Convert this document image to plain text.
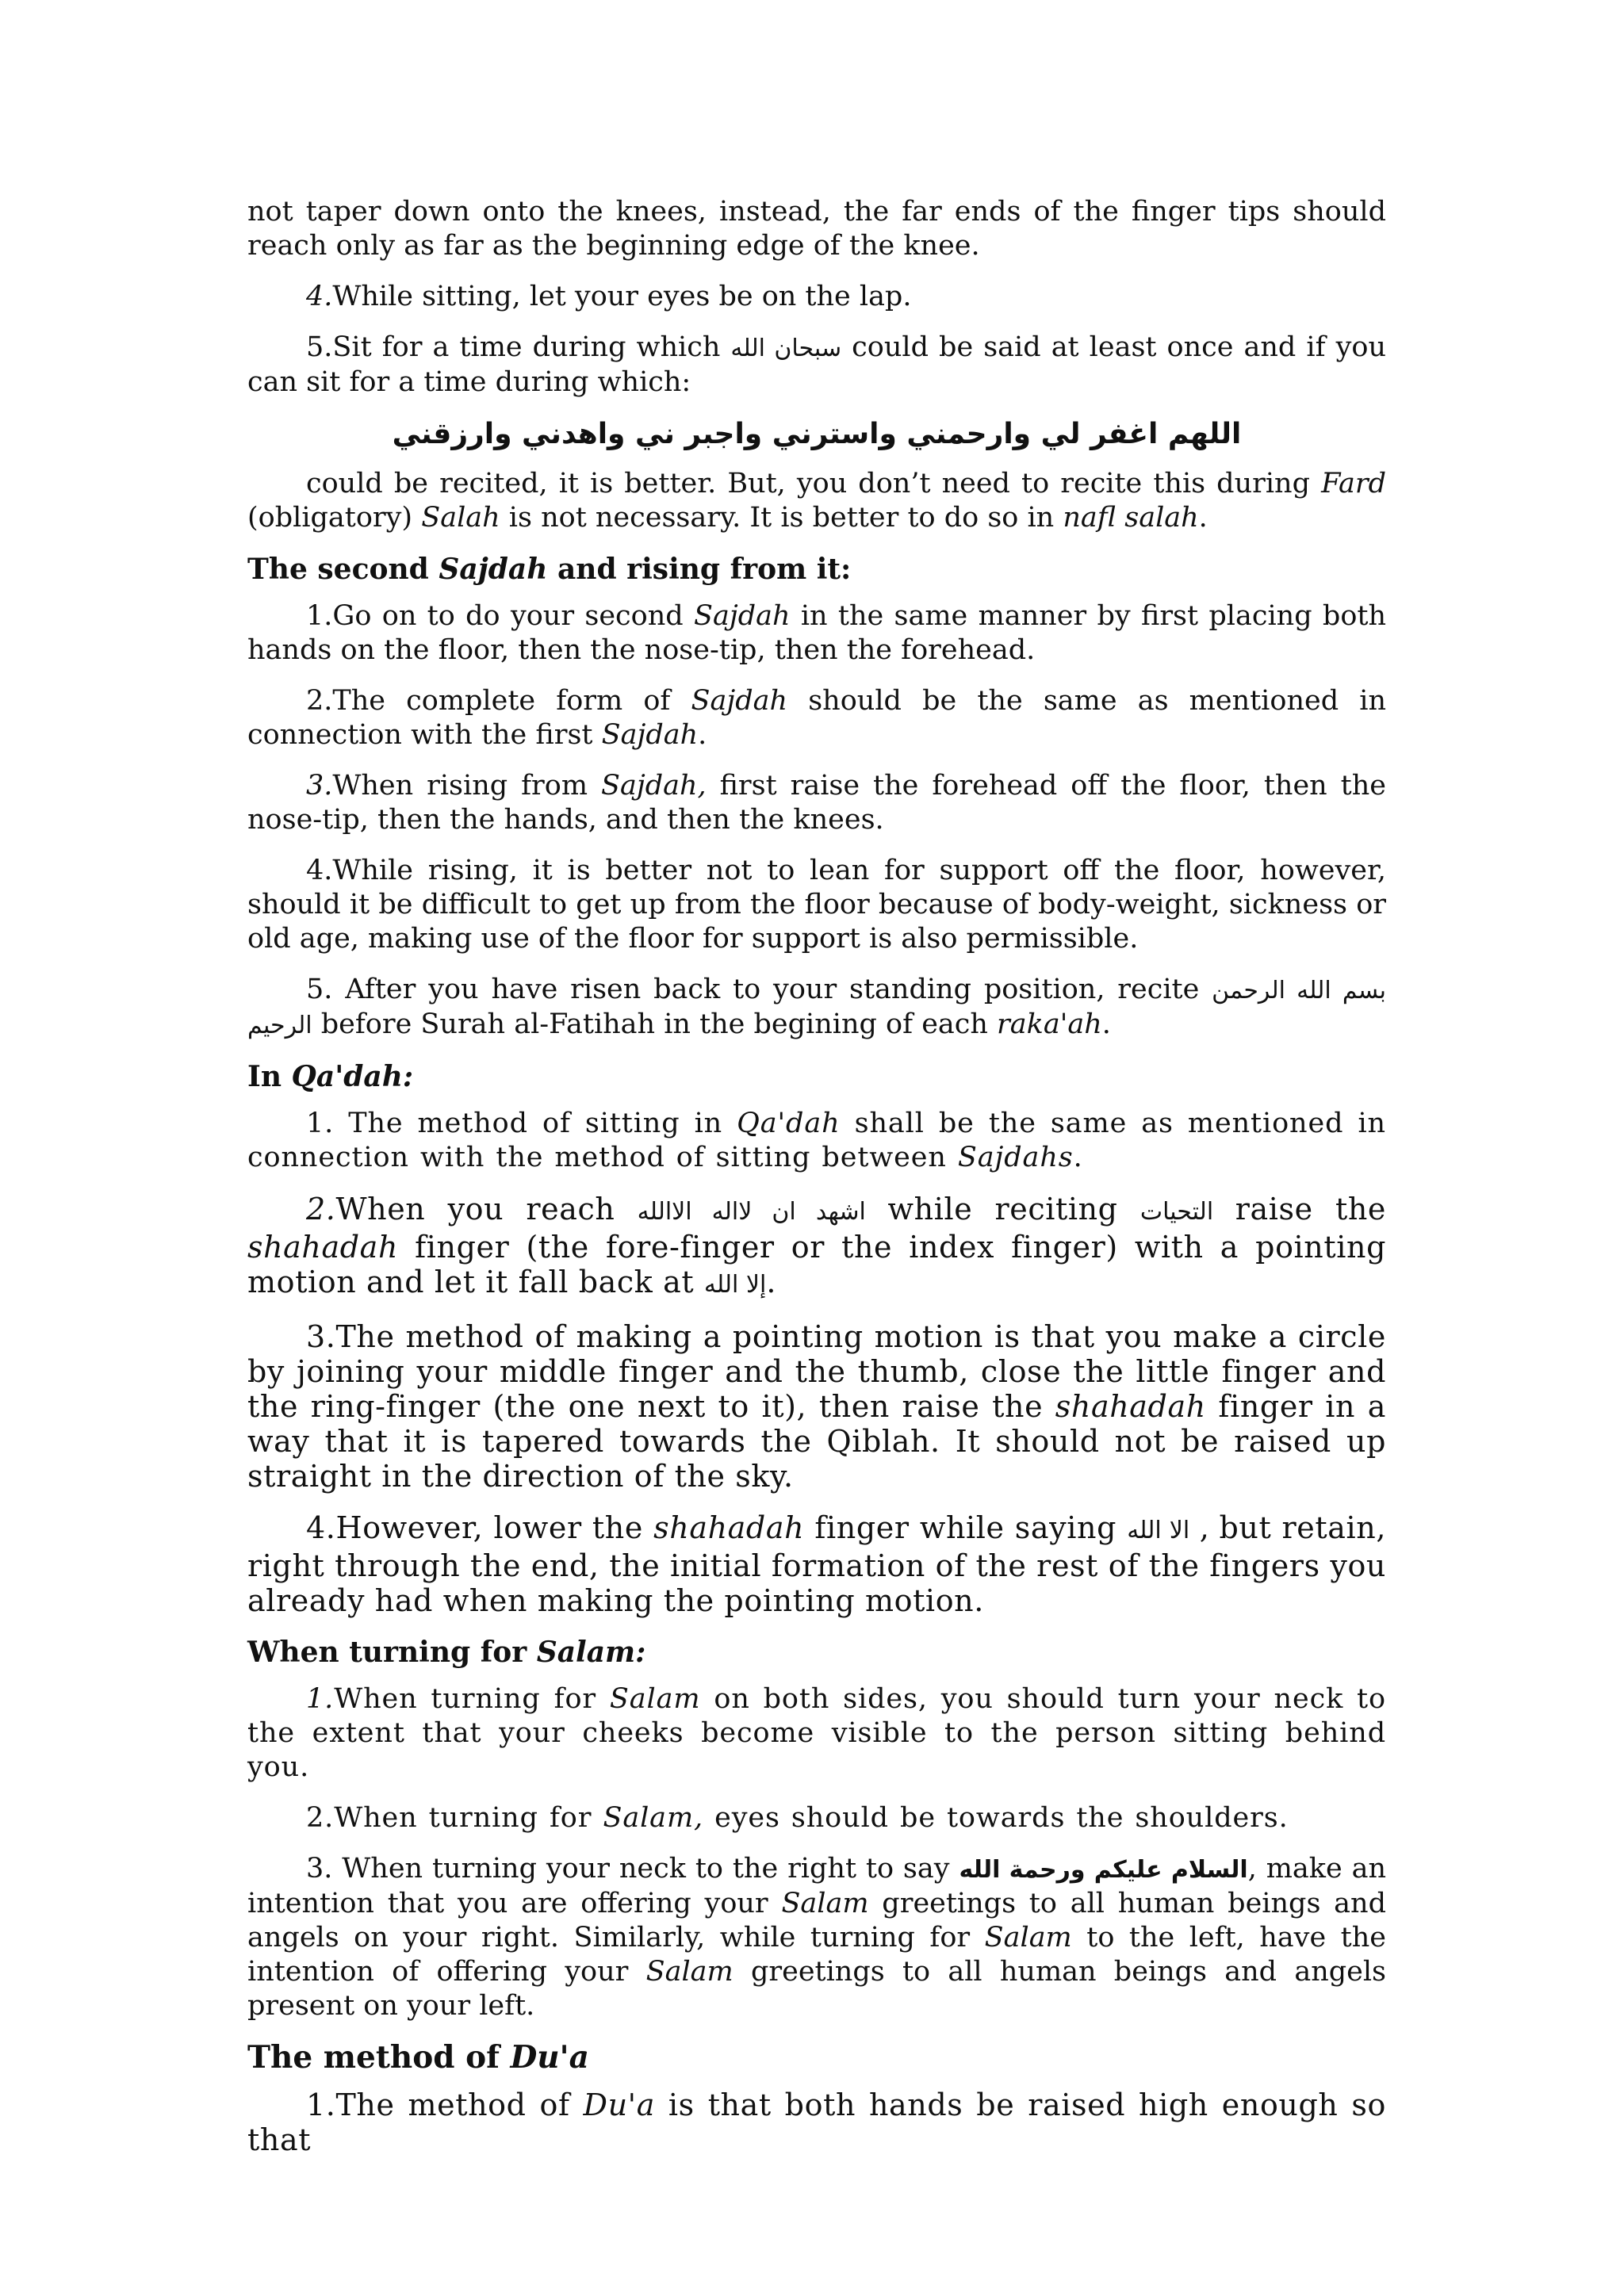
not taper down onto the knees, instead, the far ends of the finger tips should reach only as far as the beginning edge of the knee.

4.While sitting, let your eyes be on the lap.

5.Sit for a time during which سبحان الله could be said at least once and if you can sit for a time during which:

اللهم اغفر لي وارحمني واسترني واجبر ني واهدني وارزقني

could be recited, it is better. But, you don’t need to recite this during Fard (obligatory) Salah is not necessary. It is better to do so in nafl salah.

The second Sajdah and rising from it:

1.Go on to do your second Sajdah in the same manner by first placing both hands on the floor, then the nose-tip, then the forehead.

2.The complete form of Sajdah should be the same as mentioned in connection with the first Sajdah.

3.When rising from Sajdah, first raise the forehead off the floor, then the nose-tip, then the hands, and then the knees.

4.While rising, it is better not to lean for support off the floor, however, should it be difficult to get up from the floor because of body-weight, sickness or old age, making use of the floor for support is also permissible.

5. After you have risen back to your standing position, recite بسم الله الرحمن الرحيم before Surah al-Fatihah in the begining of each raka'ah.

In Qa'dah:

1. The method of sitting in Qa'dah shall be the same as mentioned in connection with the method of sitting between Sajdahs.

2.When you reach اشهد ان لااله الاالله while reciting التحيات raise the shahadah finger (the fore-finger or the index finger) with a pointing motion and let it fall back at إلا الله.

3.The method of making a pointing motion is that you make a circle by joining your middle finger and the thumb, close the little finger and the ring-finger (the one next to it), then raise the shahadah finger in a way that it is tapered towards the Qiblah. It should not be raised up straight in the direction of the sky.

4.However, lower the shahadah finger while saying الا الله , but retain, right through the end, the initial formation of the rest of the fingers you already had when making the pointing motion.

When turning for Salam:

1.When turning for Salam on both sides, you should turn your neck to the extent that your cheeks become visible to the person sitting behind you.

2.When turning for Salam, eyes should be towards the shoulders.

3. When turning your neck to the right to say السلام عليكم ورحمة الله, make an intention that you are offering your Salam greetings to all human beings and angels on your right. Similarly, while turning for Salam to the left, have the intention of offering your Salam greetings to all human beings and angels present on your left.

The method of Du'a

1.The method of Du'a is that both hands be raised high enough so that
